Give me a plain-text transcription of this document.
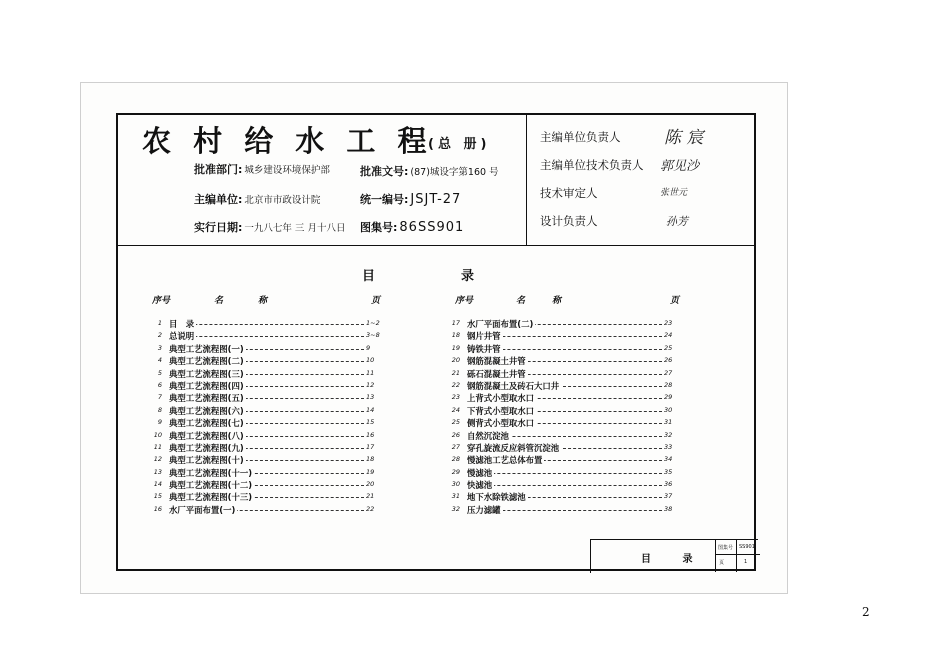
农 村 给 水 工 程
(总 册)
批准部门: 城乡建设环境保护部	批准文号: (87)城设字第160 号
主编单位: 北京市市政设计院	统一编号: JSJT-27
实行日期: 一九八七年 三 月十八日 图集号: 86SS901
主编单位负责人	陈 宸
主编单位技术负责人 郭见沙
技术审定人	张世元
设计负责人	孙芳
目录
序号	名	称	页	序号	名	称	页
1 目　录	1~2
2 总说明	3~8
3 典型工艺流程图(一)	9
4 典型工艺流程图(二)	10
5 典型工艺流程图(三)	11
6 典型工艺流程图(四)	12
7 典型工艺流程图(五)	13
8 典型工艺流程图(六)	14
9 典型工艺流程图(七)	15
10 典型工艺流程图(八)	16
11 典型工艺流程图(九)	17
12 典型工艺流程图(十)	18
13 典型工艺流程图(十一)	19
14 典型工艺流程图(十二)	20
15 典型工艺流程图(十三)	21
16 水厂平面布置(一)	22
17 水厂平面布置(二)	23
18 钢片井管	24
19 铸铁井管	25
20 钢筋混凝土井管	26
21 砾石混凝土井管	27
22 钢筋混凝土及砖石大口井	28
23 上背式小型取水口	29
24 下背式小型取水口	30
25 侧背式小型取水口	31
26 自然沉淀池	32
27 穿孔旋流反应斜管沉淀池	33
28 慢滤池工艺总体布置	34
29 慢滤池	35
30 快滤池	36
31 地下水除铁滤池	37
32 压力滤罐	38
目 录
图集号 SS901
页	1
2
